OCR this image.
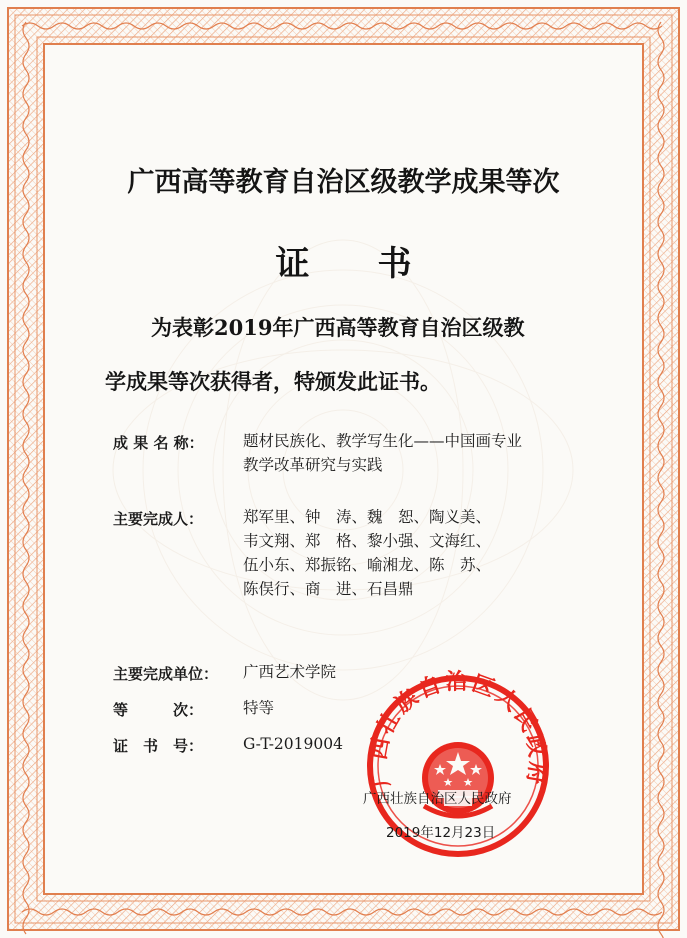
广西高等教育自治区级教学成果等次
证 书
为表彰2019年广西高等教育自治区级教
学成果等次获得者，特颁发此证书。
成 果 名 称：	题材民族化、教学写生化——中国画专业
教学改革研究与实践
主要完成人：	郑军里、钟　涛、魏　恕、陶义美、
韦文翔、郑　格、黎小强、文海红、
伍小东、郑振铭、喻湘龙、陈　苏、
陈俣行、商　进、石昌鼎
主要完成单位：	广西艺术学院
等　　　次：	特等
证　书　号：	G-T-2019004
广西壮族自治区人民政府
广西壮族自治区人民政府
2019年12月23日
